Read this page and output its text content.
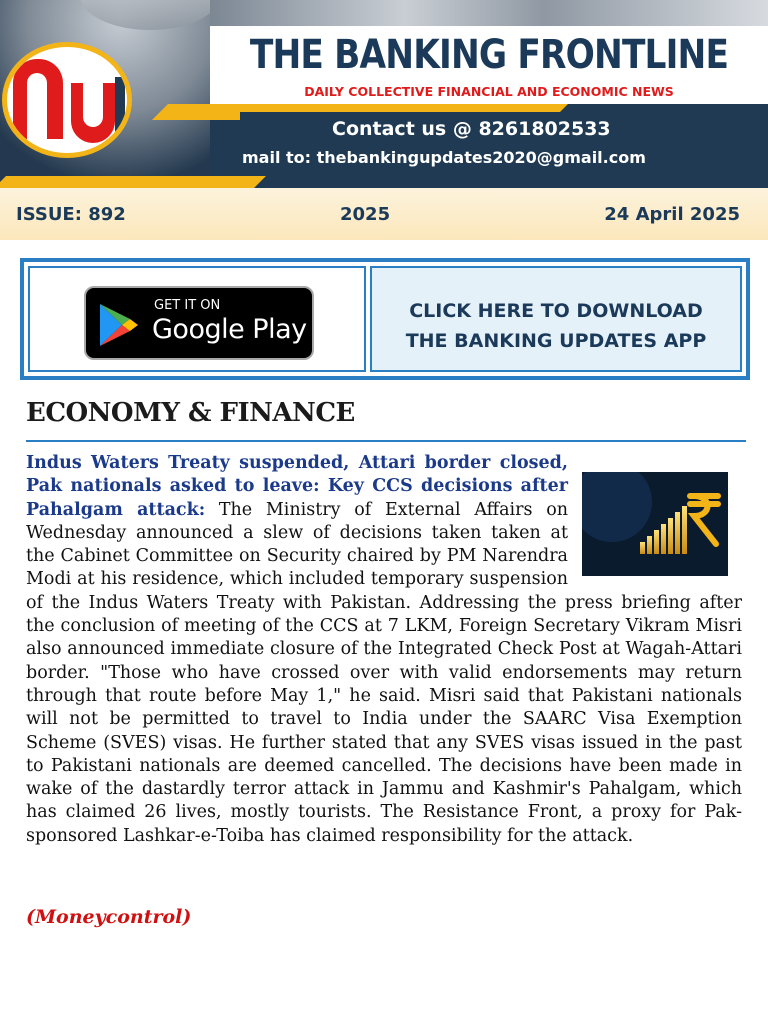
THE BANKING FRONTLINE
DAILY COLLECTIVE FINANCIAL AND ECONOMIC NEWS
Contact us @ 8261802533
mail to: thebankingupdates2020@gmail.com
ISSUE: 892	2025	24 April 2025
GET IT ON
Google Play
CLICK HERE TO DOWNLOAD
THE BANKING UPDATES APP
ECONOMY & FINANCE
Indus Waters Treaty suspended, Attari border closed, Pak nationals asked to leave: Key CCS decisions after Pahalgam attack: The Ministry of External Affairs on Wednesday announced a slew of decisions taken taken at the Cabinet Committee on Security chaired by PM Narendra Modi at his residence, which included temporary suspension of the Indus Waters Treaty with Pakistan. Addressing the press briefing after the conclusion of meeting of the CCS at 7 LKM, Foreign Secretary Vikram Misri also announced immediate closure of the Integrated Check Post at Wagah-Attari border. "Those who have crossed over with valid endorsements may return through that route before May 1," he said. Misri said that Pakistani nationals will not be permitted to travel to India under the SAARC Visa Exemption Scheme (SVES) visas. He further stated that any SVES visas issued in the past to Pakistani nationals are deemed cancelled. The decisions have been made in wake of the dastardly terror attack in Jammu and Kashmir's Pahalgam, which has claimed 26 lives, mostly tourists. The Resistance Front, a proxy for Pak-sponsored Lashkar-e-Toiba has claimed responsibility for the attack.
(Moneycontrol)
